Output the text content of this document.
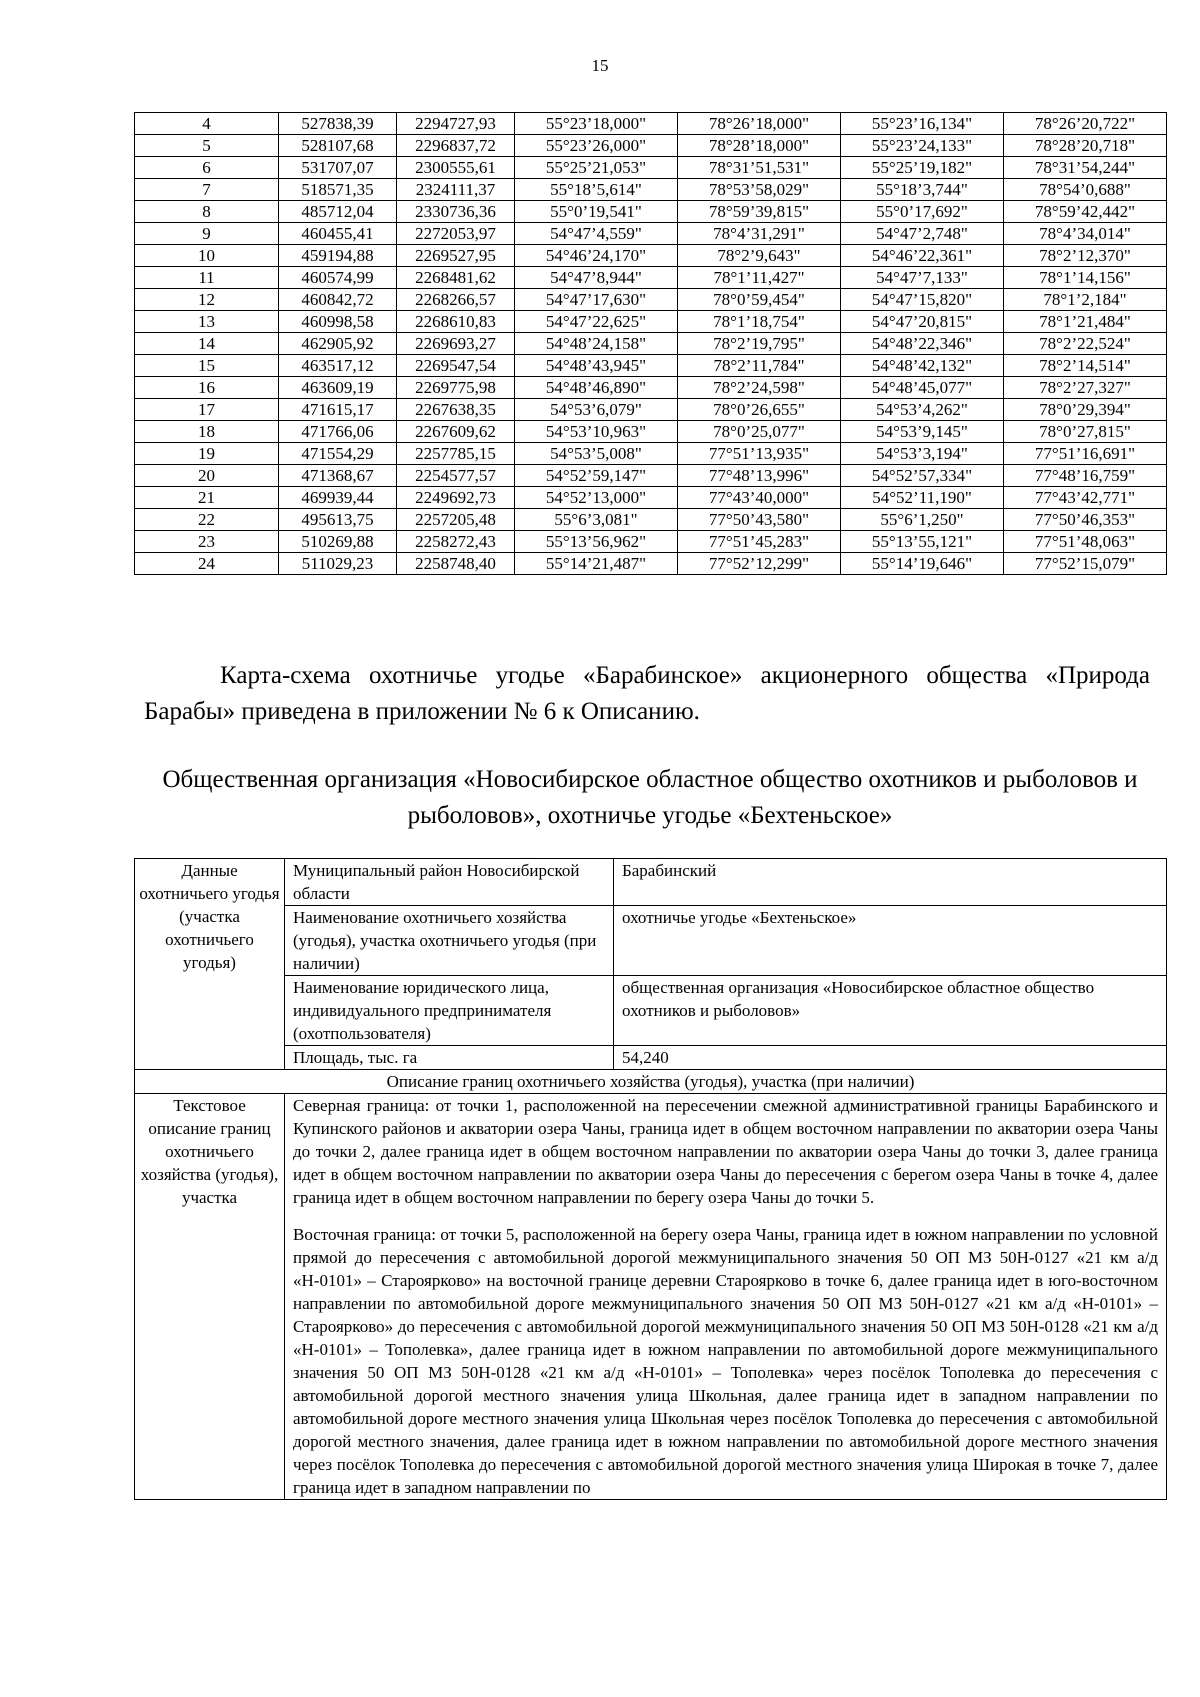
15
4	527838,39	2294727,93	55°23’18,000"	78°26’18,000"	55°23’16,134"	78°26’20,722"
5	528107,68	2296837,72	55°23’26,000"	78°28’18,000"	55°23’24,133"	78°28’20,718"
6	531707,07	2300555,61	55°25’21,053"	78°31’51,531"	55°25’19,182"	78°31’54,244"
7	518571,35	2324111,37	55°18’5,614"	78°53’58,029"	55°18’3,744"	78°54’0,688"
8	485712,04	2330736,36	55°0’19,541"	78°59’39,815"	55°0’17,692"	78°59’42,442"
9	460455,41	2272053,97	54°47’4,559"	78°4’31,291"	54°47’2,748"	78°4’34,014"
10	459194,88	2269527,95	54°46’24,170"	78°2’9,643"	54°46’22,361"	78°2’12,370"
11	460574,99	2268481,62	54°47’8,944"	78°1’11,427"	54°47’7,133"	78°1’14,156"
12	460842,72	2268266,57	54°47’17,630"	78°0’59,454"	54°47’15,820"	78°1’2,184"
13	460998,58	2268610,83	54°47’22,625"	78°1’18,754"	54°47’20,815"	78°1’21,484"
14	462905,92	2269693,27	54°48’24,158"	78°2’19,795"	54°48’22,346"	78°2’22,524"
15	463517,12	2269547,54	54°48’43,945"	78°2’11,784"	54°48’42,132"	78°2’14,514"
16	463609,19	2269775,98	54°48’46,890"	78°2’24,598"	54°48’45,077"	78°2’27,327"
17	471615,17	2267638,35	54°53’6,079"	78°0’26,655"	54°53’4,262"	78°0’29,394"
18	471766,06	2267609,62	54°53’10,963"	78°0’25,077"	54°53’9,145"	78°0’27,815"
19	471554,29	2257785,15	54°53’5,008"	77°51’13,935"	54°53’3,194"	77°51’16,691"
20	471368,67	2254577,57	54°52’59,147"	77°48’13,996"	54°52’57,334"	77°48’16,759"
21	469939,44	2249692,73	54°52’13,000"	77°43’40,000"	54°52’11,190"	77°43’42,771"
22	495613,75	2257205,48	55°6’3,081"	77°50’43,580"	55°6’1,250"	77°50’46,353"
23	510269,88	2258272,43	55°13’56,962"	77°51’45,283"	55°13’55,121"	77°51’48,063"
24	511029,23	2258748,40	55°14’21,487"	77°52’12,299"	55°14’19,646"	77°52’15,079"
Карта-схема охотничье угодье «Барабинское» акционерного общества «Природа Барабы» приведена в приложении № 6 к Описанию.
Общественная организация «Новосибирское областное общество охотников и рыболовов и рыболовов», охотничье угодье «Бехтеньское»
Данные охотничьего угодья (участка охотничьего угодья)	Муниципальный район Новосибирской области	Барабинский
	Наименование охотничьего хозяйства (угодья), участка охотничьего угодья (при наличии)	охотничье угодье «Бехтеньское»
	Наименование юридического лица, индивидуального предпринимателя (охотпользователя)	общественная организация «Новосибирское областное общество охотников и рыболовов»
	Площадь, тыс. га	54,240
Описание границ охотничьего хозяйства (угодья), участка (при наличии)		
Текстовое описание границ охотничьего хозяйства (угодья), участка	Северная граница: от точки 1, расположенной на пересечении смежной административной границы Барабинского и Купинского районов и акватории озера Чаны, граница идет в общем восточном направлении по акватории озера Чаны до точки 2, далее граница идет в общем восточном направлении по акватории озера Чаны до точки 3, далее граница идет в общем восточном направлении по акватории озера Чаны до пересечения с берегом озера Чаны в точке 4, далее граница идет в общем восточном направлении по берегу озера Чаны до точки 5.

Восточная граница: от точки 5, расположенной на берегу озера Чаны, граница идет в южном направлении по условной прямой до пересечения с автомобильной дорогой межмуниципального значения 50 ОП МЗ 50Н-0127 «21 км а/д «Н-0101» – Староярково» на восточной границе деревни Староярково в точке 6, далее граница идет в юго-восточном направлении по автомобильной дороге межмуниципального значения 50 ОП МЗ 50Н-0127 «21 км а/д «Н-0101» – Староярково» до пересечения с автомобильной дорогой межмуниципального значения 50 ОП МЗ 50Н-0128 «21 км а/д «Н-0101» – Тополевка», далее граница идет в южном направлении по автомобильной дороге межмуниципального значения 50 ОП МЗ 50Н-0128 «21 км а/д «Н-0101» – Тополевка» через посёлок Тополевка до пересечения с автомобильной дорогой местного значения улица Школьная, далее граница идет в западном направлении по автомобильной дороге местного значения улица Школьная через посёлок Тополевка до пересечения с автомобильной дорогой местного значения, далее граница идет в южном направлении по автомобильной дороге местного значения через посёлок Тополевка до пересечения с автомобильной дорогой местного значения улица Широкая в точке 7, далее граница идет в западном направлении по	
